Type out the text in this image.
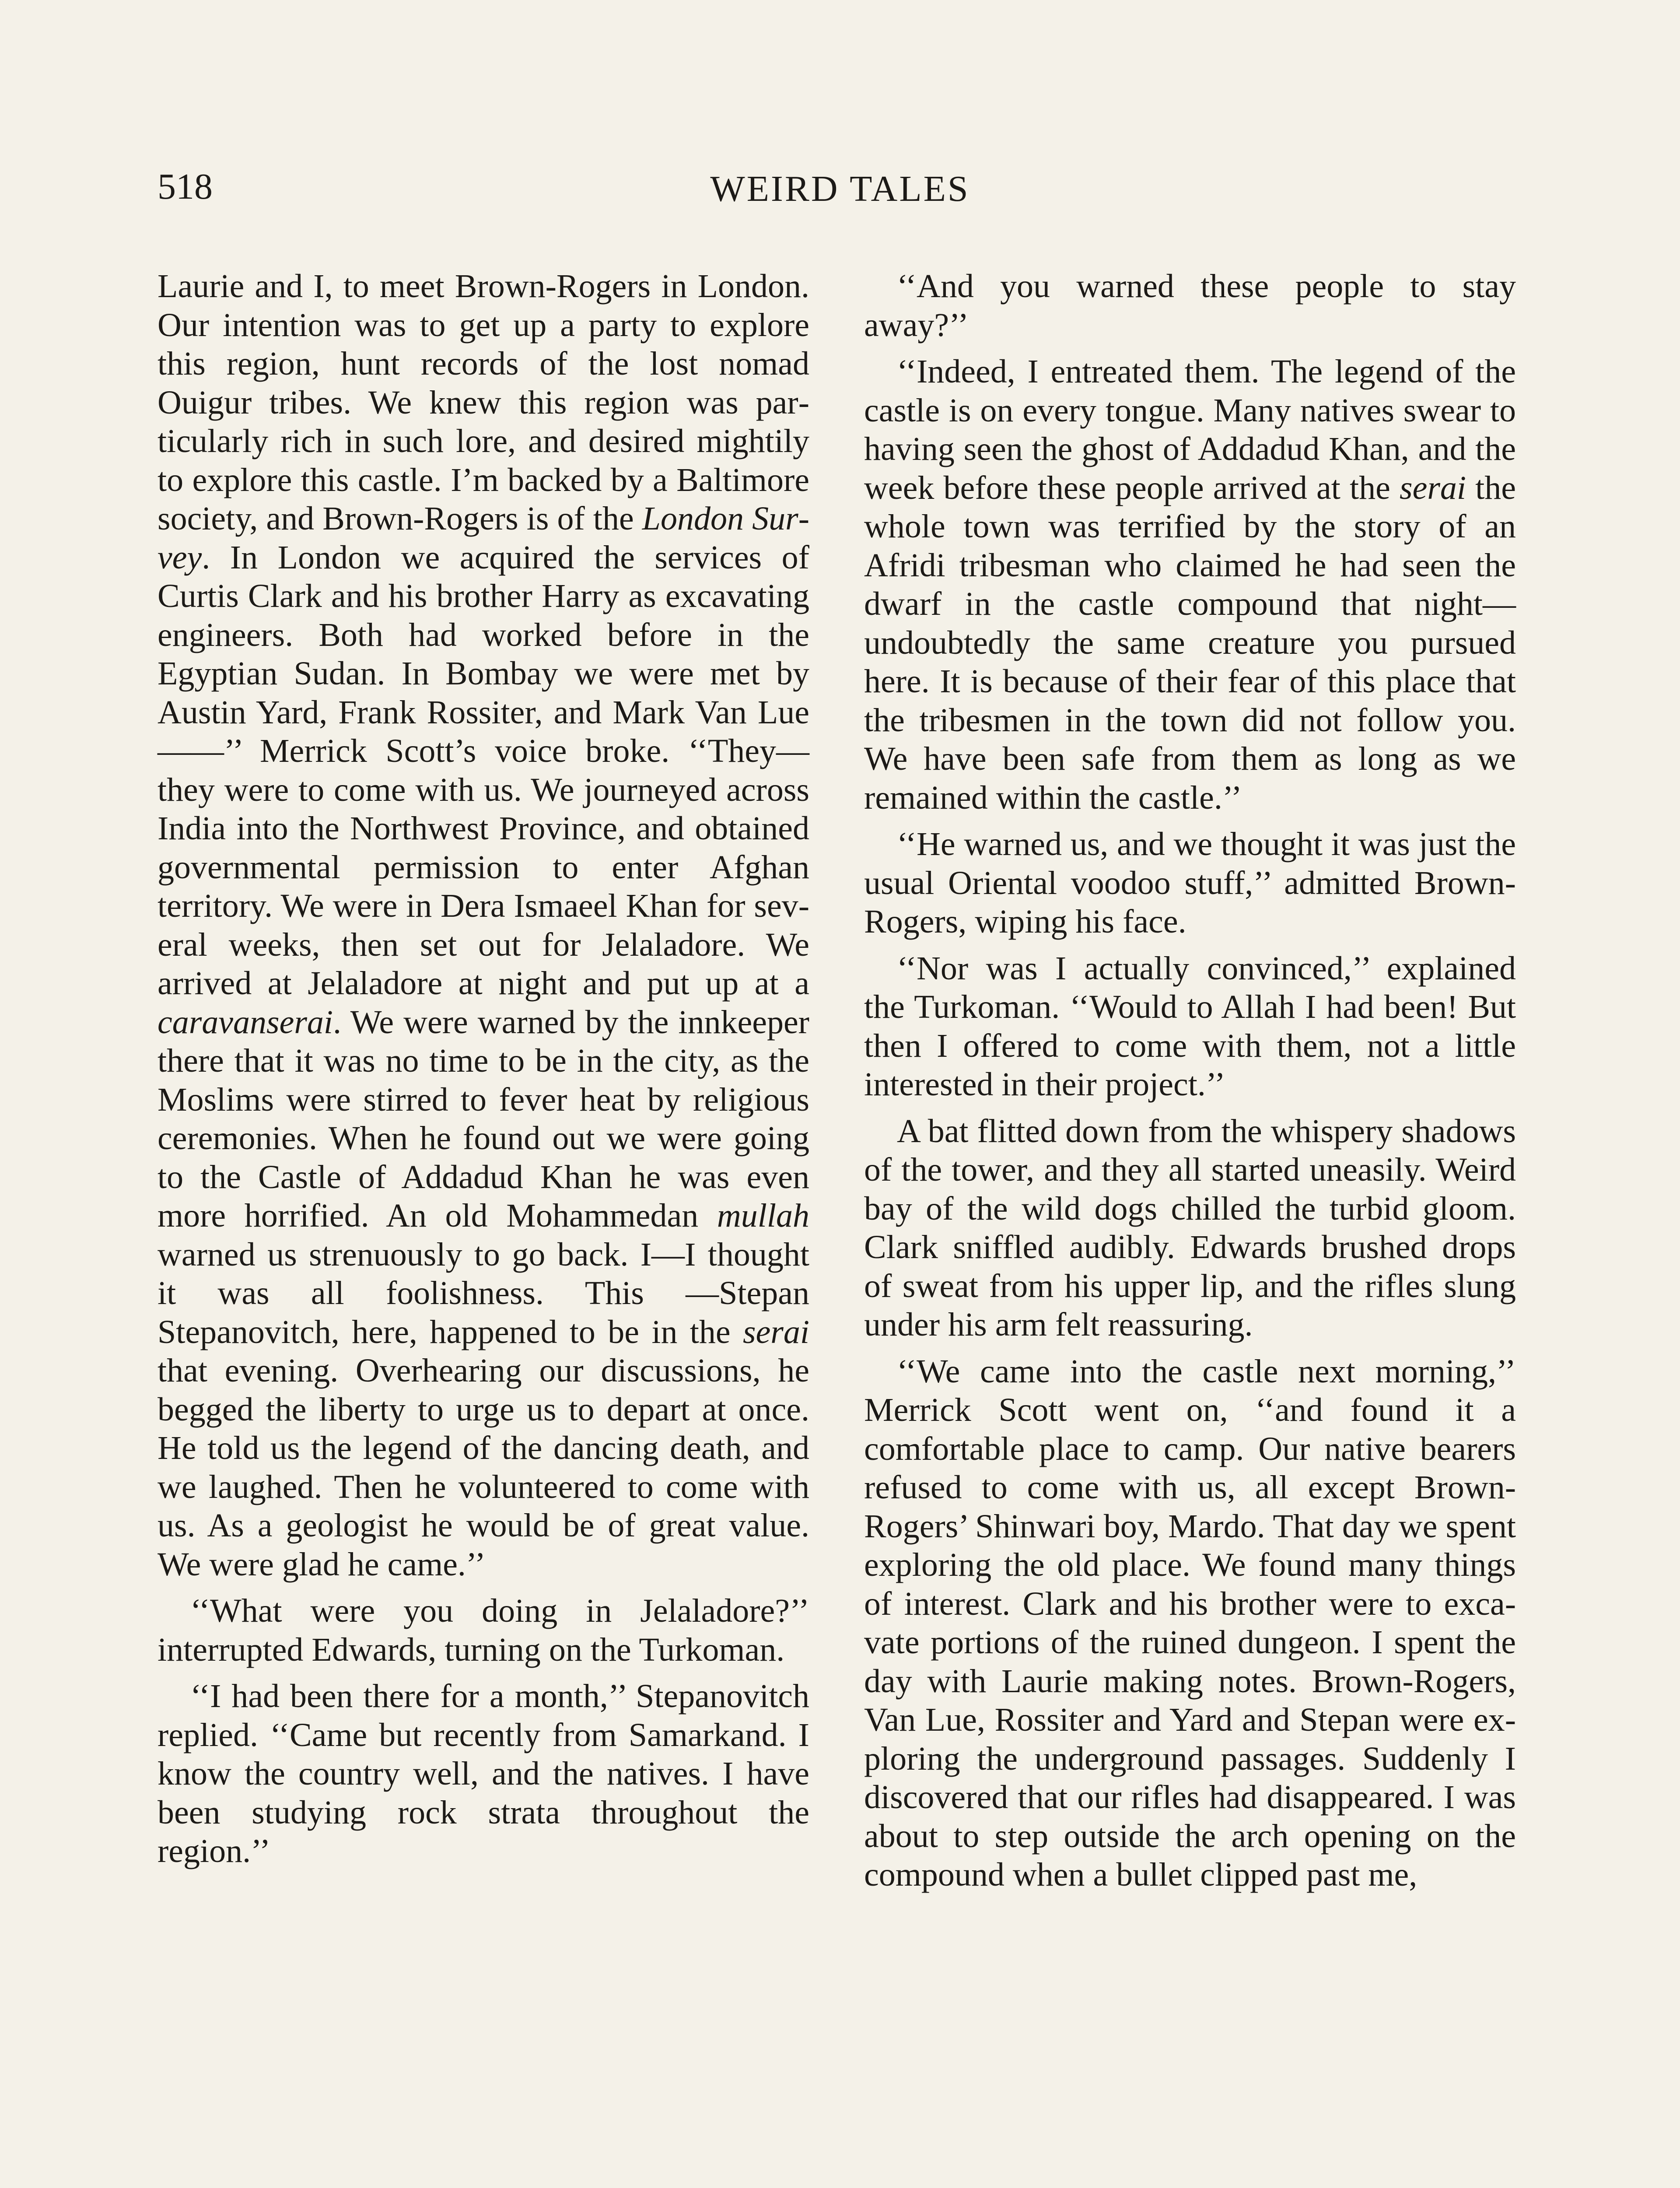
518	WEIRD TALES

Laurie and I, to meet Brown-Rogers in London. Our intention was to get up a party to explore this region, hunt records of the lost nomad Ouigur tribes. We knew this region was particularly rich in such lore, and desired mightily to explore this castle. I’m backed by a Baltimore society, and Brown-Rogers is of the London Survey. In London we acquired the services of Curtis Clark and his brother Harry as excavating engineers. Both had worked before in the Egyptian Sudan. In Bombay we were met by Austin Yard, Frank Rossiter, and Mark Van Lue——’’ Merrick Scott’s voice broke. ‘‘They—they were to come with us. We journeyed across India into the Northwest Province, and obtained governmental permission to enter Afghan territory. We were in Dera Ismaeel Khan for several weeks, then set out for Jelaladore. We arrived at Jelaladore at night and put up at a caravanserai. We were warned by the innkeeper there that it was no time to be in the city, as the Moslims were stirred to fever heat by religious ceremonies. When he found out we were going to the Castle of Addadud Khan he was even more horrified. An old Mohammedan mullah warned us strenuously to go back. I—I thought it was all foolishness. This —Stepan Stepanovitch, here, happened to be in the serai that evening. Overhearing our discussions, he begged the liberty to urge us to depart at once. He told us the legend of the dancing death, and we laughed. Then he volunteered to come with us. As a geologist he would be of great value. We were glad he came.’’

‘‘What were you doing in Jelaladore?’’ interrupted Edwards, turning on the Turkoman.

‘‘I had been there for a month,’’ Stepanovitch replied. ‘‘Came but recently from Samarkand. I know the country well, and the natives. I have been studying rock strata throughout the region.’’

‘‘And you warned these people to stay away?’’

‘‘Indeed, I entreated them. The legend of the castle is on every tongue. Many natives swear to having seen the ghost of Addadud Khan, and the week before these people arrived at the serai the whole town was terrified by the story of an Afridi tribesman who claimed he had seen the dwarf in the castle compound that night—undoubtedly the same creature you pursued here. It is because of their fear of this place that the tribesmen in the town did not follow you. We have been safe from them as long as we remained within the castle.’’

‘‘He warned us, and we thought it was just the usual Oriental voodoo stuff,’’ admitted Brown-Rogers, wiping his face.

‘‘Nor was I actually convinced,’’ explained the Turkoman. ‘‘Would to Allah I had been! But then I offered to come with them, not a little interested in their project.’’

A bat flitted down from the whispery shadows of the tower, and they all started uneasily. Weird bay of the wild dogs chilled the turbid gloom. Clark sniffled audibly. Edwards brushed drops of sweat from his upper lip, and the rifles slung under his arm felt reassuring.

‘‘We came into the castle next morning,’’ Merrick Scott went on, ‘‘and found it a comfortable place to camp. Our native bearers refused to come with us, all except Brown-Rogers’ Shinwari boy, Mardo. That day we spent exploring the old place. We found many things of interest. Clark and his brother were to excavate portions of the ruined dungeon. I spent the day with Laurie making notes. Brown-Rogers, Van Lue, Rossiter and Yard and Stepan were exploring the underground passages. Suddenly I discovered that our rifles had disappeared. I was about to step outside the arch opening on the compound when a bullet clipped past me,
